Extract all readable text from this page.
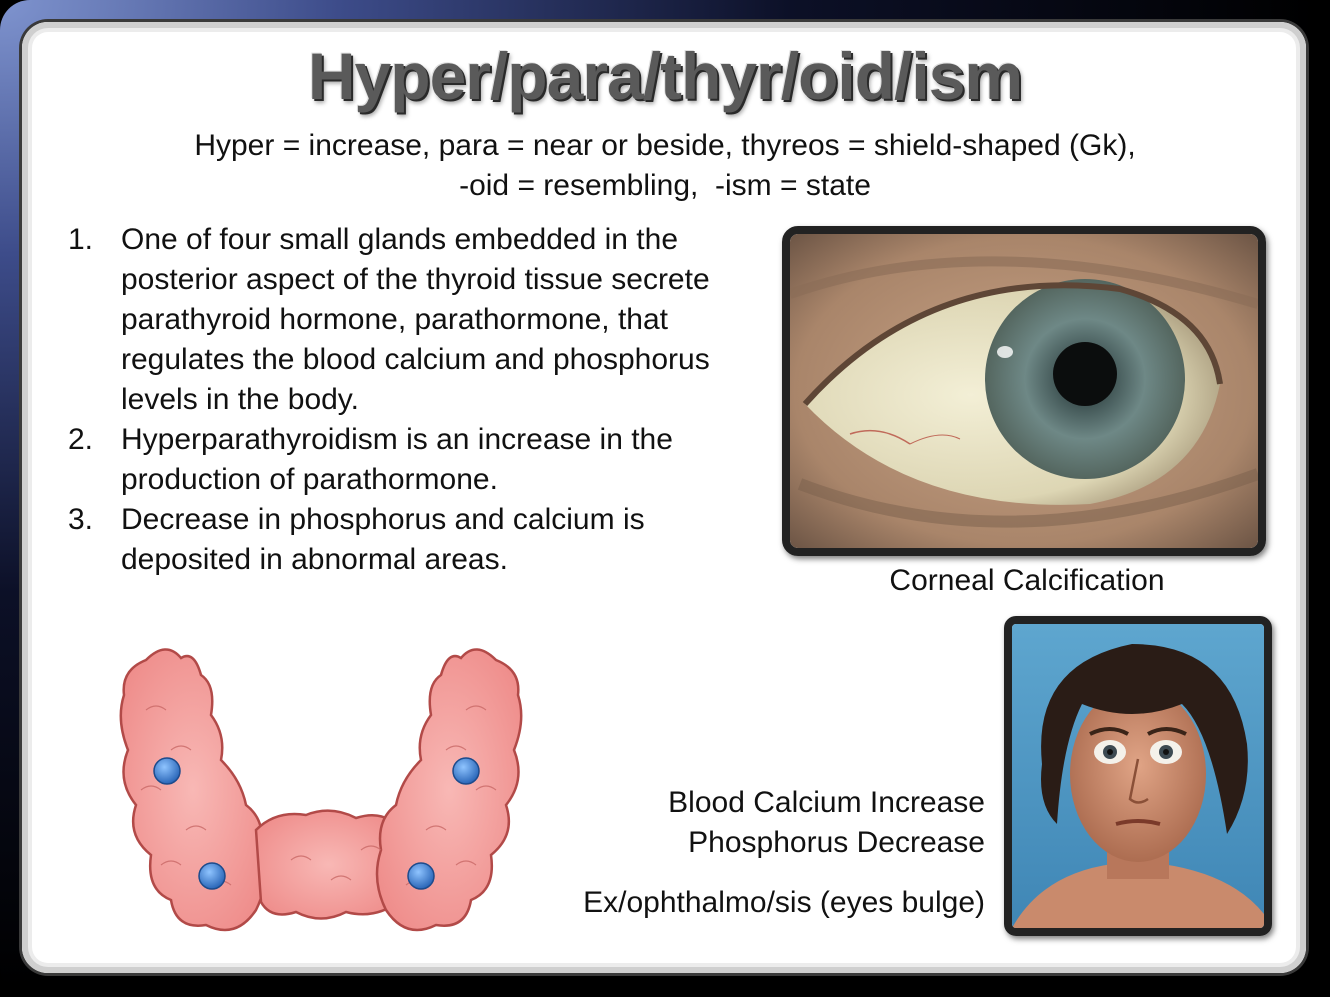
Hyper/para/thyr/oid/ism
Hyper = increase, para = near or beside, thyreos = shield-shaped (Gk),
-oid = resembling,  -ism = state
1. One of four small glands embedded in the posterior aspect of the thyroid tissue secrete parathyroid hormone, parathormone, that regulates the blood calcium and phosphorus levels in the body.
2. Hyperparathyroidism is an increase in the production of parathormone.
3. Decrease in phosphorus and calcium is deposited in abnormal areas.
Corneal Calcification
Blood Calcium Increase
Phosphorus Decrease
Ex/ophthalmo/sis (eyes bulge)
